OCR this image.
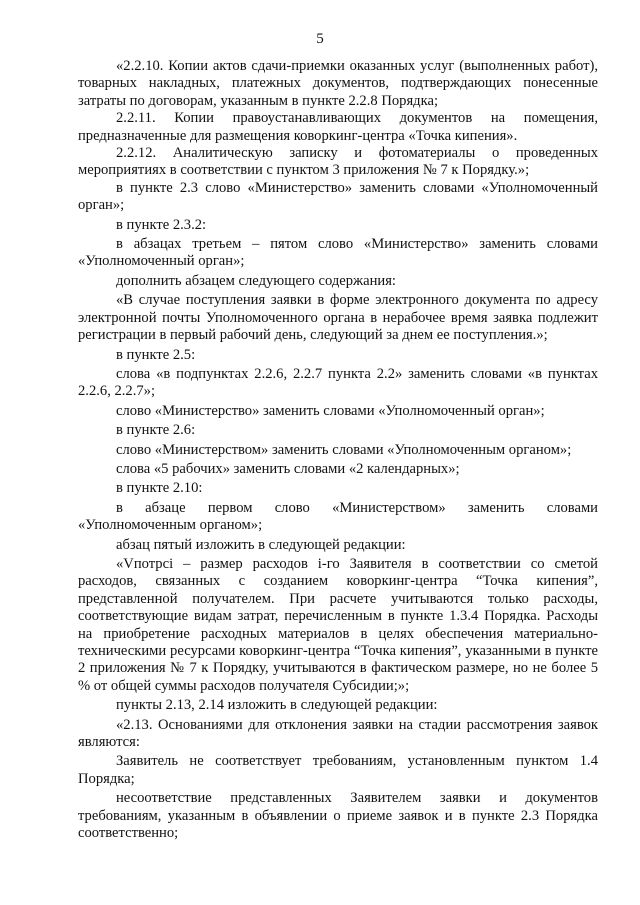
5

«2.2.10. Копии актов сдачи-приемки оказанных услуг (выполненных работ), товарных накладных, платежных документов, подтверждающих понесенные затраты по договорам, указанным в пункте 2.2.8 Порядка;

2.2.11. Копии правоустанавливающих документов на помещения, предназначенные для размещения коворкинг-центра «Точка кипения».

2.2.12. Аналитическую записку и фотоматериалы о проведенных мероприятиях в соответствии с пунктом 3 приложения № 7 к Порядку.»;

в пункте 2.3 слово «Министерство» заменить словами «Уполномоченный орган»;

в пункте 2.3.2:

в абзацах третьем – пятом слово «Министерство» заменить словами «Уполномоченный орган»;

дополнить абзацем следующего содержания:

«В случае поступления заявки в форме электронного документа по адресу электронной почты Уполномоченного органа в нерабочее время заявка подлежит регистрации в первый рабочий день, следующий за днем ее поступления.»;

в пункте 2.5:

слова «в подпунктах 2.2.6, 2.2.7 пункта 2.2» заменить словами «в пунктах 2.2.6, 2.2.7»;

слово «Министерство» заменить словами «Уполномоченный орган»;

в пункте 2.6:

слово «Министерством» заменить словами «Уполномоченным органом»;

слова «5 рабочих» заменить словами «2 календарных»;

в пункте 2.10:

в абзаце первом слово «Министерством» заменить словами «Уполномоченным органом»;

абзац пятый изложить в следующей редакции:

«Vпотрсi – размер расходов i-го Заявителя в соответствии со сметой расходов, связанных с созданием коворкинг-центра “Точка кипения”, представленной получателем. При расчете учитываются только расходы, соответствующие видам затрат, перечисленным в пункте 1.3.4 Порядка. Расходы на приобретение расходных материалов в целях обеспечения материально-техническими ресурсами коворкинг-центра “Точка кипения”, указанными в пункте 2 приложения № 7 к Порядку, учитываются в фактическом размере, но не более 5 % от общей суммы расходов получателя Субсидии;»;

пункты 2.13, 2.14 изложить в следующей редакции:

«2.13. Основаниями для отклонения заявки на стадии рассмотрения заявок являются:

Заявитель не соответствует требованиям, установленным пунктом 1.4 Порядка;

несоответствие представленных Заявителем заявки и документов требованиям, указанным в объявлении о приеме заявок и в пункте 2.3 Порядка соответственно;
